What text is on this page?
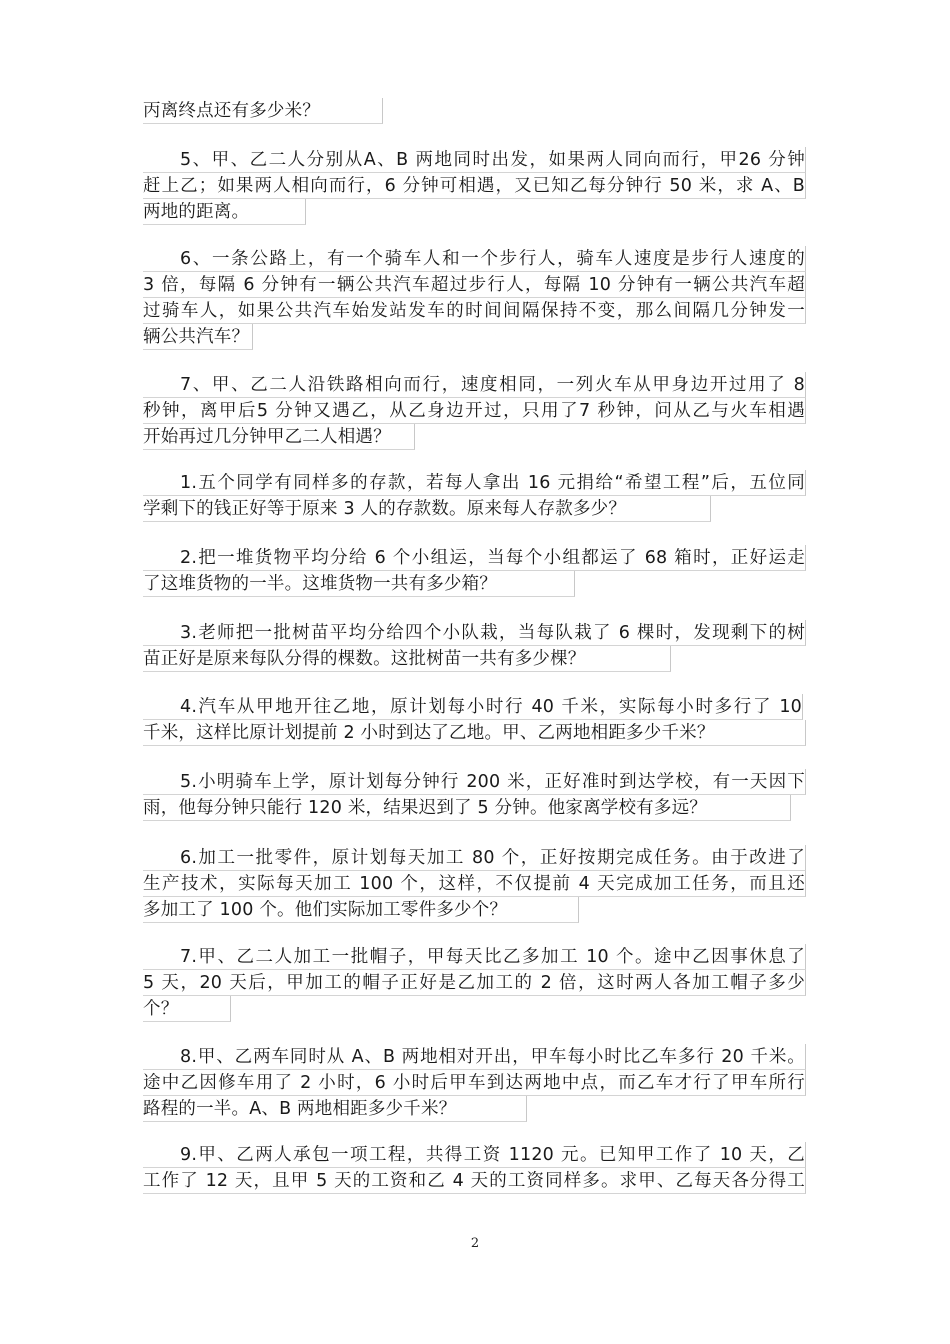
丙离终点还有多少米？
5、甲、乙二人分别从A、B 两地同时出发，如果两人同向而行，甲26 分钟
赶上乙；如果两人相向而行，6 分钟可相遇，又已知乙每分钟行 50 米，求 A、B
两地的距离。
6、一条公路上，有一个骑车人和一个步行人，骑车人速度是步行人速度的
3 倍，每隔 6 分钟有一辆公共汽车超过步行人，每隔 10 分钟有一辆公共汽车超
过骑车人，如果公共汽车始发站发车的时间间隔保持不变，那么间隔几分钟发一
辆公共汽车？
7、甲、乙二人沿铁路相向而行，速度相同，一列火车从甲身边开过用了 8
秒钟，离甲后5 分钟又遇乙，从乙身边开过，只用了7 秒钟，问从乙与火车相遇
开始再过几分钟甲乙二人相遇？
1.五个同学有同样多的存款，若每人拿出 16 元捐给“希望工程”后，五位同
学剩下的钱正好等于原来 3 人的存款数。原来每人存款多少？
2.把一堆货物平均分给 6 个小组运，当每个小组都运了 68 箱时，正好运走
了这堆货物的一半。这堆货物一共有多少箱？
3.老师把一批树苗平均分给四个小队栽，当每队栽了 6 棵时，发现剩下的树
苗正好是原来每队分得的棵数。这批树苗一共有多少棵？
4.汽车从甲地开往乙地，原计划每小时行 40 千米，实际每小时多行了 10
千米，这样比原计划提前 2 小时到达了乙地。甲、乙两地相距多少千米？
5.小明骑车上学，原计划每分钟行 200 米，正好准时到达学校，有一天因下
雨，他每分钟只能行 120 米，结果迟到了 5 分钟。他家离学校有多远？
6.加工一批零件，原计划每天加工 80 个，正好按期完成任务。由于改进了
生产技术，实际每天加工 100 个，这样，不仅提前 4 天完成加工任务，而且还
多加工了 100 个。他们实际加工零件多少个？
7.甲、乙二人加工一批帽子，甲每天比乙多加工 10 个。途中乙因事休息了
5 天，20 天后，甲加工的帽子正好是乙加工的 2 倍，这时两人各加工帽子多少
个？
8.甲、乙两车同时从 A、B 两地相对开出，甲车每小时比乙车多行 20 千米。
途中乙因修车用了 2 小时，6 小时后甲车到达两地中点，而乙车才行了甲车所行
路程的一半。A、B 两地相距多少千米？
9.甲、乙两人承包一项工程，共得工资 1120 元。已知甲工作了 10 天，乙
工作了 12 天，且甲 5 天的工资和乙 4 天的工资同样多。求甲、乙每天各分得工
2
